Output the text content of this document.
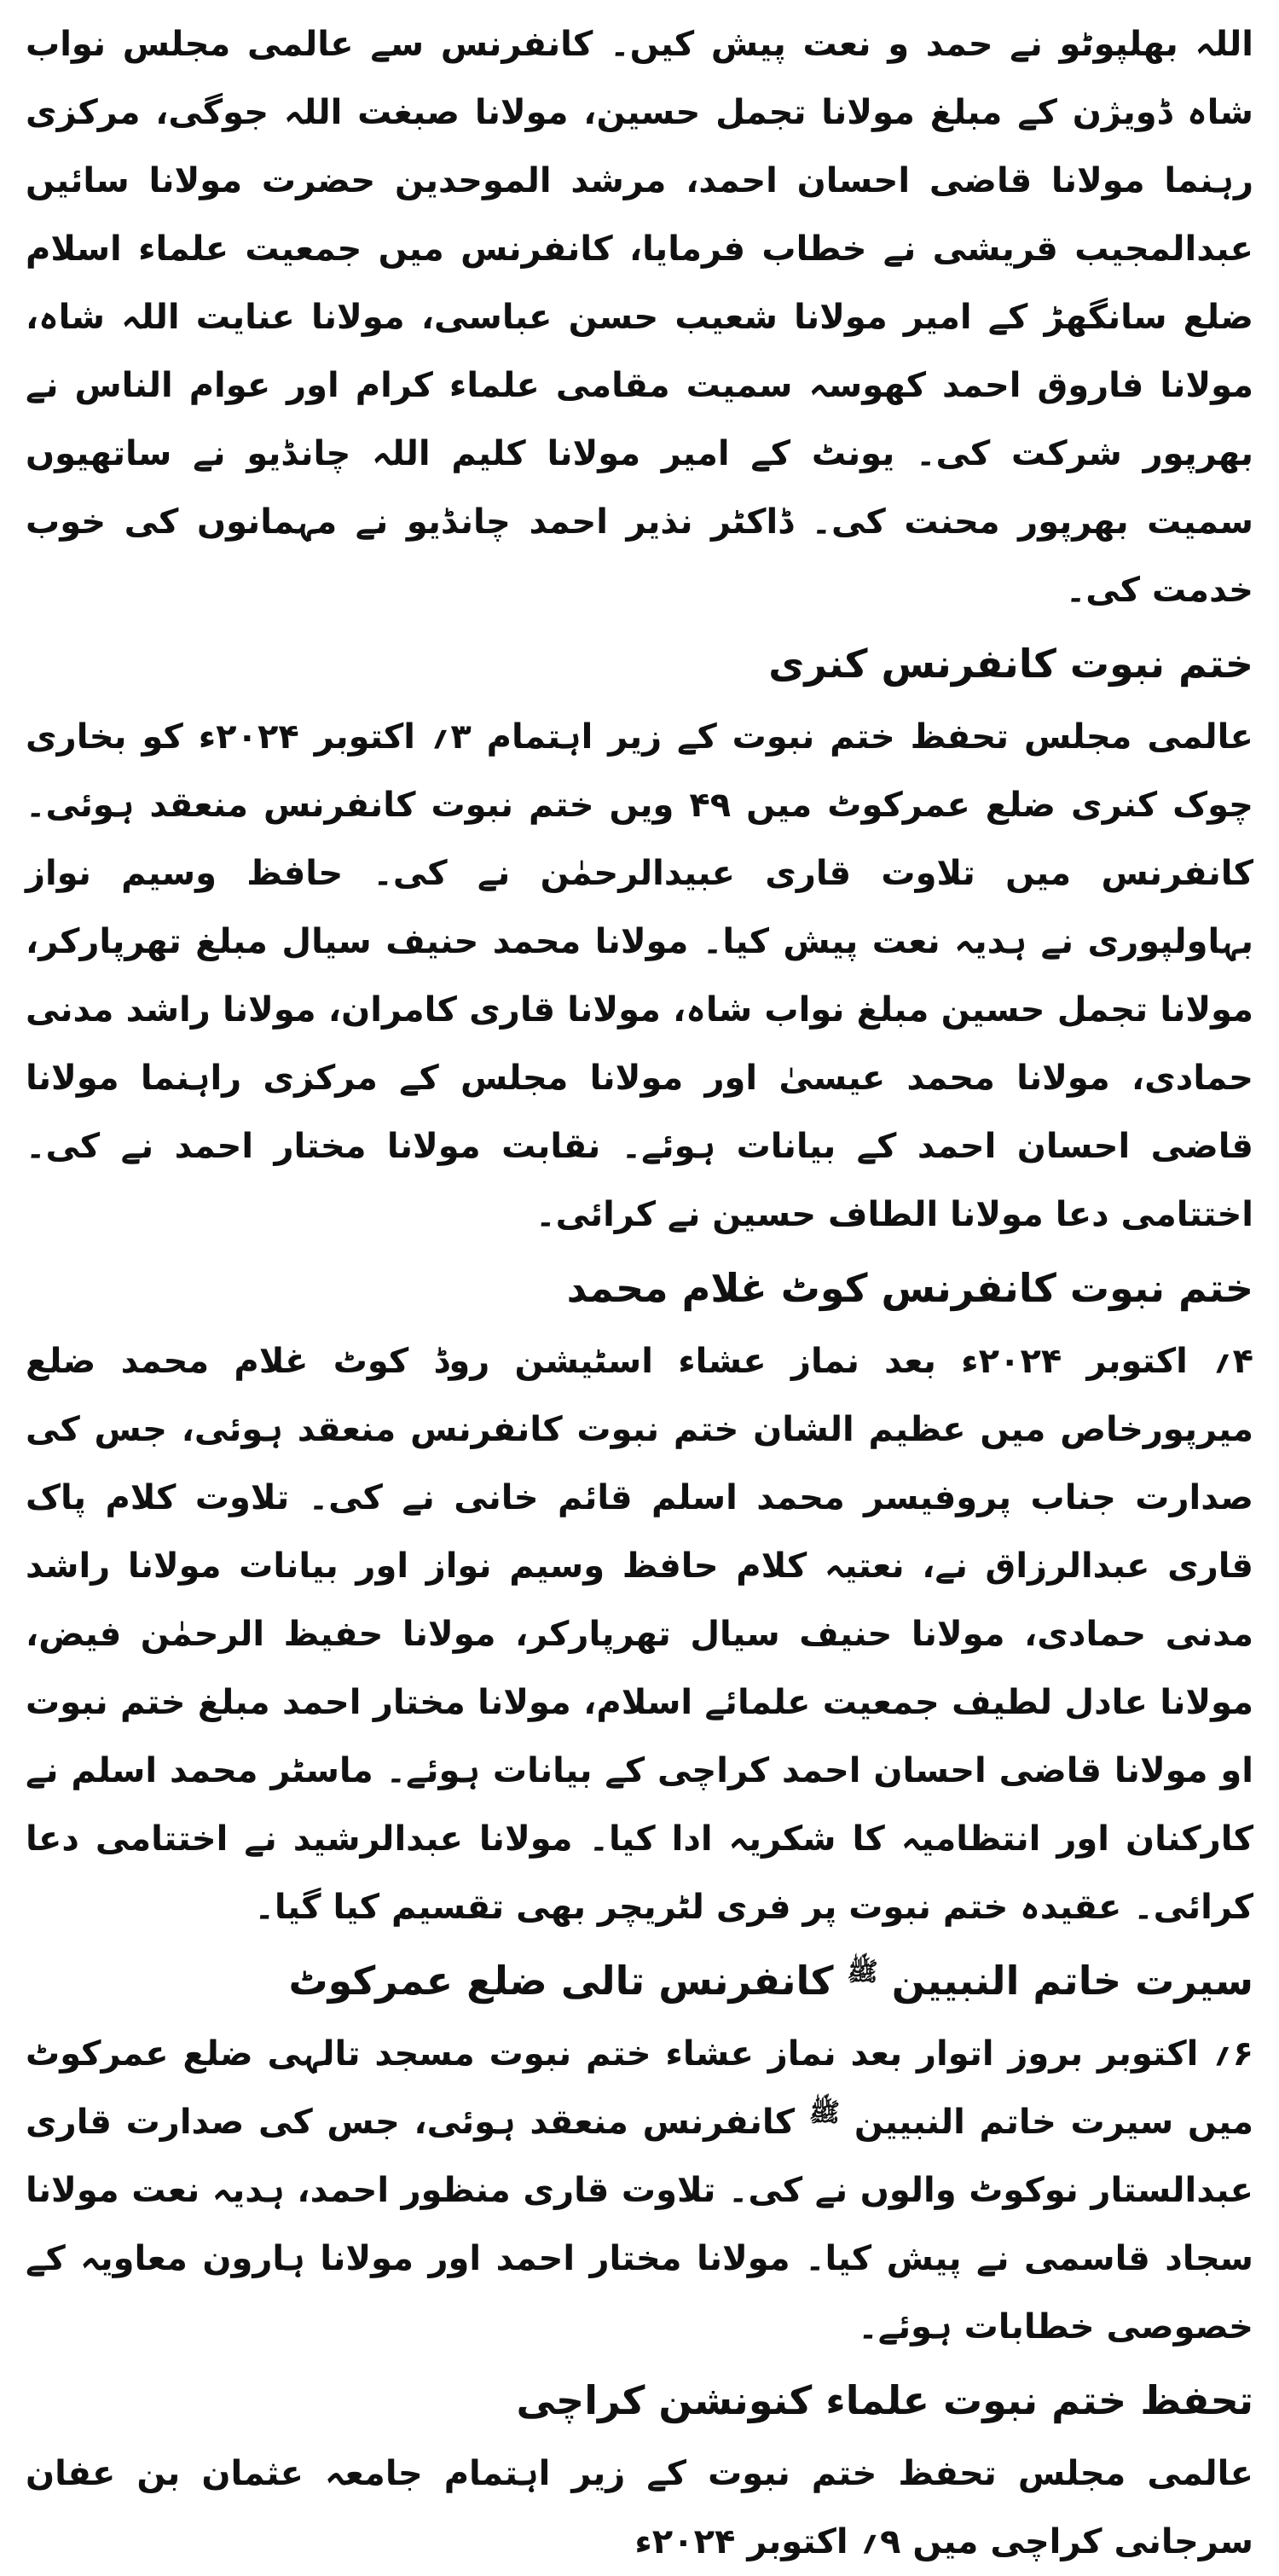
اللہ بھلپوٹو نے حمد و نعت پیش کیں۔ کانفرنس سے عالمی مجلس نواب شاہ ڈویژن کے مبلغ مولانا تجمل حسین، مولانا صبغت اللہ جوگی، مرکزی رہنما مولانا قاضی احسان احمد، مرشد الموحدین حضرت مولانا سائیں عبدالمجیب قریشی نے خطاب فرمایا، کانفرنس میں جمعیت علماء اسلام ضلع سانگھڑ کے امیر مولانا شعیب حسن عباسی، مولانا عنایت اللہ شاہ، مولانا فاروق احمد کھوسہ سمیت مقامی علماء کرام اور عوام الناس نے بھرپور شرکت کی۔ یونٹ کے امیر مولانا کلیم اللہ چانڈیو نے ساتھیوں سمیت بھرپور محنت کی۔ ڈاکٹر نذیر احمد چانڈیو نے مہمانوں کی خوب خدمت کی۔

ختم نبوت کانفرنس کنری

عالمی مجلس تحفظ ختم نبوت کے زیر اہتمام ۳؍ اکتوبر ۲۰۲۴ء کو بخاری چوک کنری ضلع عمرکوٹ میں ۴۹ ویں ختم نبوت کانفرنس منعقد ہوئی۔ کانفرنس میں تلاوت قاری عبیدالرحمٰن نے کی۔ حافظ وسیم نواز بہاولپوری نے ہدیہ نعت پیش کیا۔ مولانا محمد حنیف سیال مبلغ تھرپارکر، مولانا تجمل حسین مبلغ نواب شاہ، مولانا قاری کامران، مولانا راشد مدنی حمادی، مولانا محمد عیسیٰ اور مولانا مجلس کے مرکزی راہنما مولانا قاضی احسان احمد کے بیانات ہوئے۔ نقابت مولانا مختار احمد نے کی۔ اختتامی دعا مولانا الطاف حسین نے کرائی۔

ختم نبوت کانفرنس کوٹ غلام محمد

۴؍ اکتوبر ۲۰۲۴ء بعد نماز عشاء اسٹیشن روڈ کوٹ غلام محمد ضلع میرپورخاص میں عظیم الشان ختم نبوت کانفرنس منعقد ہوئی، جس کی صدارت جناب پروفیسر محمد اسلم قائم خانی نے کی۔ تلاوت کلام پاک قاری عبدالرزاق نے، نعتیہ کلام حافظ وسیم نواز اور بیانات مولانا راشد مدنی حمادی، مولانا حنیف سیال تھرپارکر، مولانا حفیظ الرحمٰن فیض، مولانا عادل لطیف جمعیت علمائے اسلام، مولانا مختار احمد مبلغ ختم نبوت او مولانا قاضی احسان احمد کراچی کے بیانات ہوئے۔ ماسٹر محمد اسلم نے کارکنان اور انتظامیہ کا شکریہ ادا کیا۔ مولانا عبدالرشید نے اختتامی دعا کرائی۔ عقیدہ ختم نبوت پر فری لٹریچر بھی تقسیم کیا گیا۔

سیرت خاتم النبیین $^ﷺ$ کانفرنس تالی ضلع عمرکوٹ

۶؍ اکتوبر بروز اتوار بعد نماز عشاء ختم نبوت مسجد تالہی ضلع عمرکوٹ میں سیرت خاتم النبیین $^ﷺ$ کانفرنس منعقد ہوئی، جس کی صدارت قاری عبدالستار نوکوٹ والوں نے کی۔ تلاوت قاری منظور احمد، ہدیہ نعت مولانا سجاد قاسمی نے پیش کیا۔ مولانا مختار احمد اور مولانا ہارون معاویہ کے خصوصی خطابات ہوئے۔

تحفظ ختم نبوت علماء کنونشن کراچی

عالمی مجلس تحفظ ختم نبوت کے زیر اہتمام جامعہ عثمان بن عفان سرجانی کراچی میں ۹؍ اکتوبر ۲۰۲۴ء
